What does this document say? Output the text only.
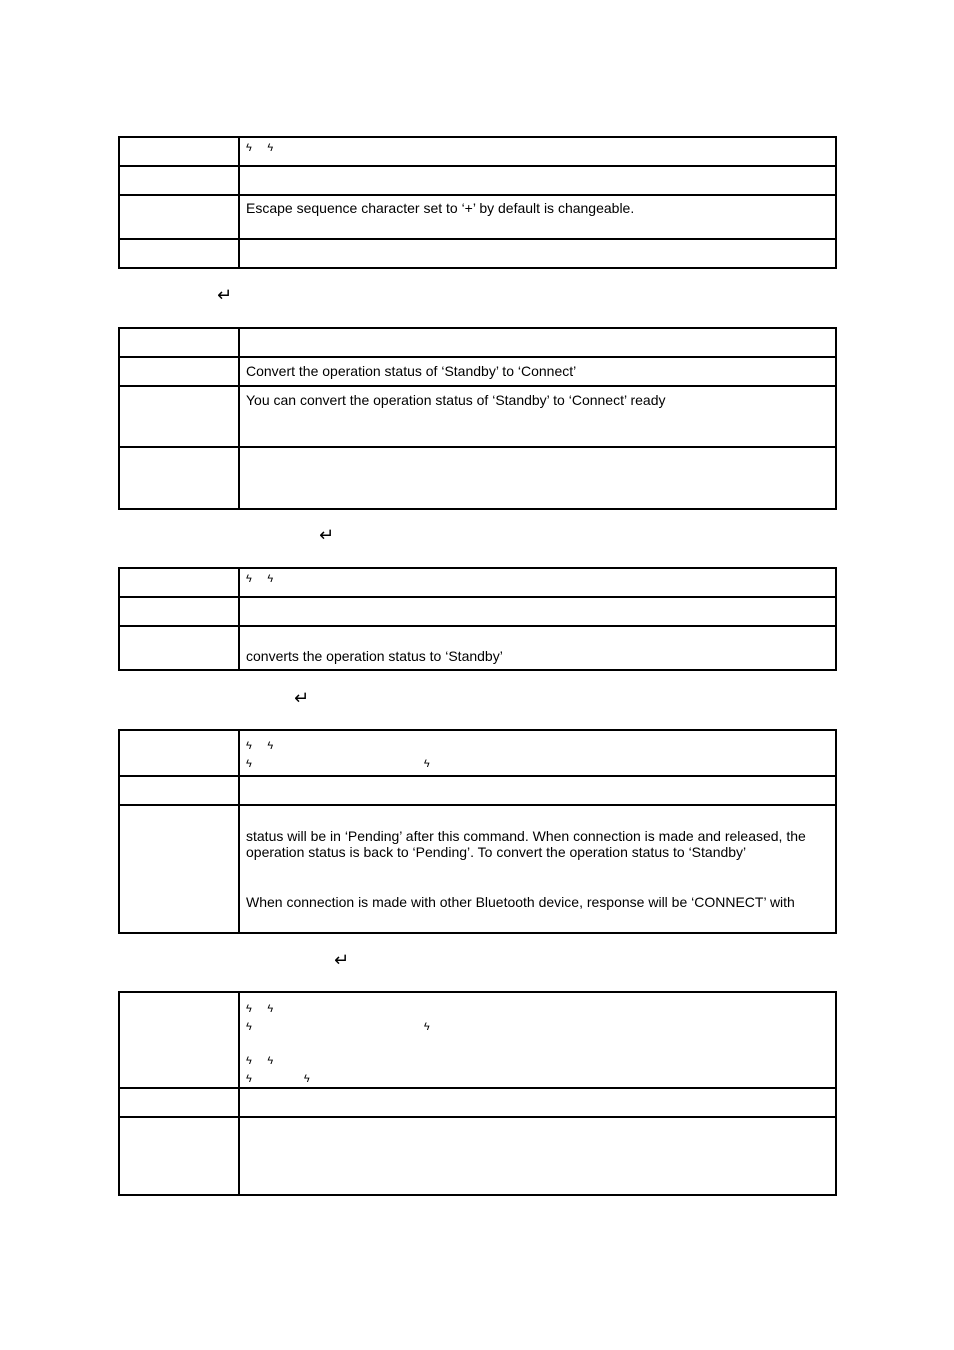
	ϟ ϟ

	Escape sequence character set to ‘+’ by default is changeable.

↵

	Convert the operation status of ‘Standby’ to ‘Connect’

	You can convert the operation status of ‘Standby’ to ‘Connect’ ready

↵
	ϟ ϟ

	converts the operation status to ‘Standby’
↵

	ϟ ϟ
ϟ ϟ

	status will be in ‘Pending’ after this command. When connection is made and released, the
operation status is back to ‘Pending’. To convert the operation status to ‘Standby’
When connection is made with other Bluetooth device, response will be ‘CONNECT’ with
↵

	ϟ ϟ
ϟ ϟ
ϟ ϟ
ϟ ϟ
